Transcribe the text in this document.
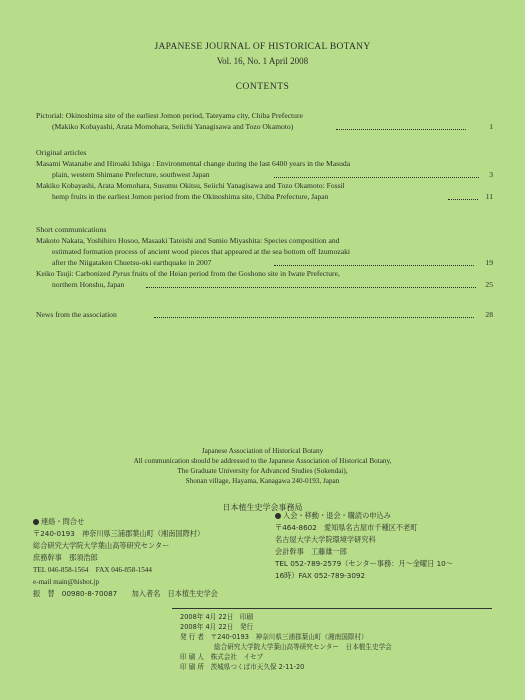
JAPANESE JOURNAL OF HISTORICAL BOTANY
Vol. 16, No. 1 April 2008
CONTENTS
Pictorial: Okinoshima site of the earliest Jomon period, Tateyama city, Chiba Prefecture
(Makiko Kobayashi, Arata Momohara, Seiichi Yanagisawa and Tozo Okamoto)	1
Original articles
Masami Watanabe and Hiroaki Ishiga : Environmental change during the last 6400 years in the Masuda
plain, western Shimane Prefecture, southwest Japan	3
Makiko Kobayashi, Arata Momohara, Susumu Okitsu, Seiichi Yanagisawa and Tozo Okamoto: Fossil
hemp fruits in the earliest Jomon period from the Okinoshima site, Chiba Prefecture, Japan	11
Short communications
Makoto Nakata, Yoshihiro Hosoo, Masaaki Tateishi and Sumio Miyashita: Species composition and
estimated formation process of ancient wood pieces that appeared at the sea bottom off Izumozaki
after the Niigataken Chuetsu-oki earthquake in 2007	19
Keiko Tsuji: Carbonized Pyrus fruits of the Heian period from the Goshono site in Iwate Prefecture,
northern Honshu, Japan	25
News from the association	28
Japanese Association of Historical Botany
All communication should be addressed to the Japanese Association of Historical Botany,
The Graduate University for Advanced Studies (Sokendai),
Shonan village, Hayama, Kanagawa 240-0193, Japan
日本植生史学会事務局
連絡・問合せ
〒240-0193　神奈川県三浦郡葉山町（湘南国際村）
総合研究大学院大学葉山高等研究センター
庶務幹事　那須浩郎
TEL 046-858-1564　FAX 046-858-1544
e-mail main@hisbot.jp
振　替　00980-8-70087　　加入者名　日本植生史学会
入会・移動・退会・購読の申込み
〒464-8602　愛知県名古屋市千種区不老町
名古屋大学大学院環境学研究科
会計幹事　工藤雄一郎
TEL 052-789-2579（センター事務：月〜金曜日 10〜
16時）FAX 052-789-3092
2008年 4月 22日　印刷
2008年 4月 22日　発行
発 行 者　〒240-0193　神奈川県三浦郡葉山町（湘南国際村）
総合研究大学院大学葉山高等研究センター　日本植生史学会
印 刷 人　株式会社　イセブ
印 刷 所　茨城県つくば市天久保 2-11-20
